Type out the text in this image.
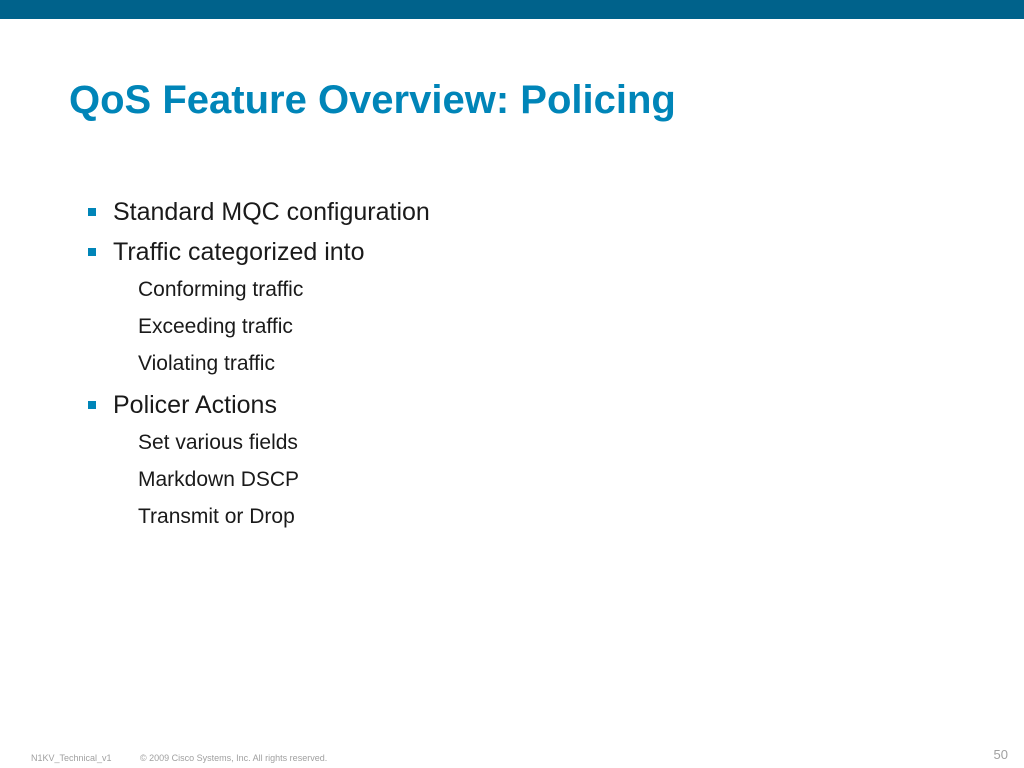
QoS Feature Overview: Policing
Standard MQC configuration
Traffic categorized into
Conforming traffic
Exceeding traffic
Violating traffic
Policer Actions
Set various fields
Markdown DSCP
Transmit or Drop
N1KV_Technical_v1	© 2009 Cisco Systems, Inc. All rights reserved.	50
